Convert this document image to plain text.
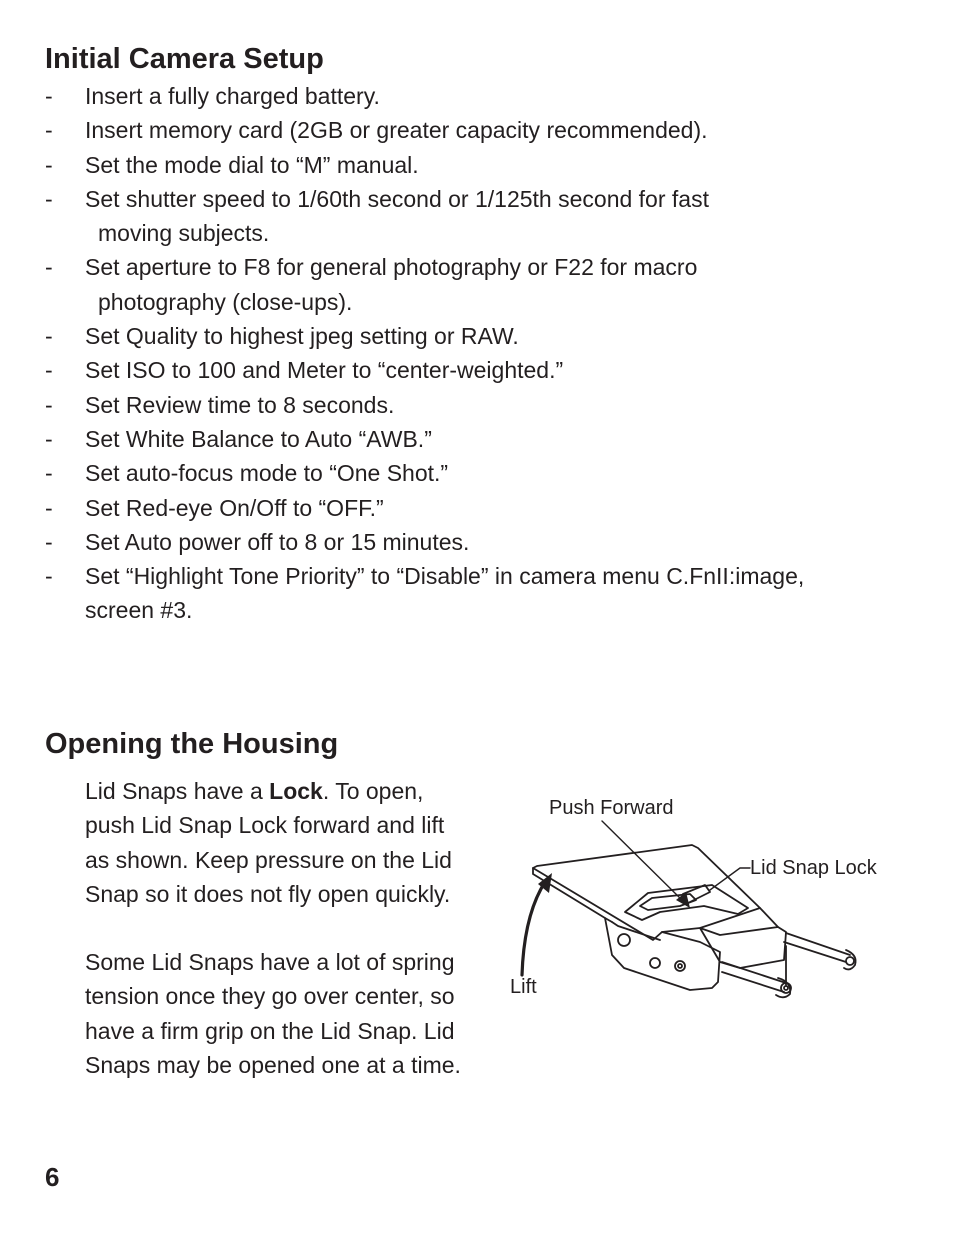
Initial Camera Setup
- Insert a fully charged battery.
- Insert memory card (2GB or greater capacity recommended).
- Set the mode dial to “M” manual.
- Set shutter speed to 1/60th second or 1/125th second for fast
moving subjects.
- Set aperture to F8 for general photography or F22 for macro
photography (close-ups).
- Set Quality to highest jpeg setting or RAW.
- Set ISO to 100 and Meter to “center-weighted.”
- Set Review time to 8 seconds.
- Set White Balance to Auto “AWB.”
- Set auto-focus mode to “One Shot.”
- Set Red-eye On/Off to “OFF.”
- Set Auto power off to 8 or 15 minutes.
- Set “Highlight Tone Priority” to “Disable” in camera menu C.FnII:image,
screen #3.
Opening the Housing

Lid Snaps have a Lock. To open,
push Lid Snap Lock forward and lift
as shown. Keep pressure on the Lid
Snap so it does not fly open quickly.

Some Lid Snaps have a lot of spring
tension once they go over center, so
have a firm grip on the Lid Snap. Lid
Snaps may be opened one at a time.

Push Forward
Lid Snap Lock
Lift

6
